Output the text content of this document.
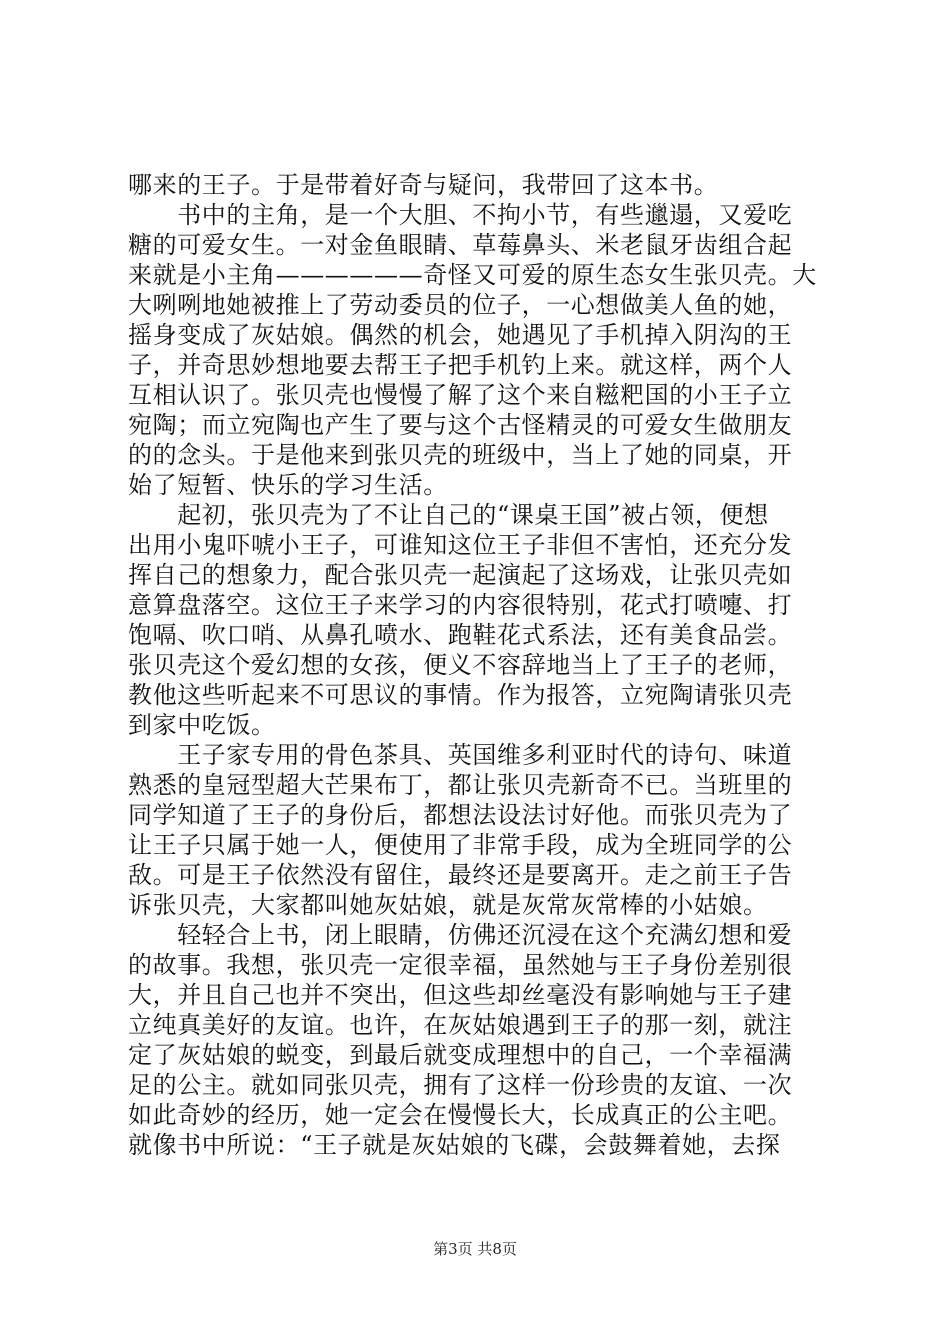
哪来的王子。于是带着好奇与疑问，我带回了这本书。
　　书中的主角，是一个大胆、不拘小节，有些邋遢，又爱吃
糖的可爱女生。一对金鱼眼睛、草莓鼻头、米老鼠牙齿组合起
来就是小主角——————奇怪又可爱的原生态女生张贝壳。大
大咧咧地她被推上了劳动委员的位子，一心想做美人鱼的她，
摇身变成了灰姑娘。偶然的机会，她遇见了手机掉入阴沟的王
子，并奇思妙想地要去帮王子把手机钓上来。就这样，两个人
互相认识了。张贝壳也慢慢了解了这个来自糍粑国的小王子立
宛陶；而立宛陶也产生了要与这个古怪精灵的可爱女生做朋友
的的念头。于是他来到张贝壳的班级中，当上了她的同桌，开
始了短暂、快乐的学习生活。
　　起初，张贝壳为了不让自己的“课桌王国”被占领，便想
出用小鬼吓唬小王子，可谁知这位王子非但不害怕，还充分发
挥自己的想象力，配合张贝壳一起演起了这场戏，让张贝壳如
意算盘落空。这位王子来学习的内容很特别，花式打喷嚏、打
饱嗝、吹口哨、从鼻孔喷水、跑鞋花式系法，还有美食品尝。
张贝壳这个爱幻想的女孩，便义不容辞地当上了王子的老师，
教他这些听起来不可思议的事情。作为报答，立宛陶请张贝壳
到家中吃饭。
　　王子家专用的骨色茶具、英国维多利亚时代的诗句、味道
熟悉的皇冠型超大芒果布丁，都让张贝壳新奇不已。当班里的
同学知道了王子的身份后，都想法设法讨好他。而张贝壳为了
让王子只属于她一人，便使用了非常手段，成为全班同学的公
敌。可是王子依然没有留住，最终还是要离开。走之前王子告
诉张贝壳，大家都叫她灰姑娘，就是灰常灰常棒的小姑娘。
　　轻轻合上书，闭上眼睛，仿佛还沉浸在这个充满幻想和爱
的故事。我想，张贝壳一定很幸福，虽然她与王子身份差别很
大，并且自己也并不突出，但这些却丝毫没有影响她与王子建
立纯真美好的友谊。也许，在灰姑娘遇到王子的那一刻，就注
定了灰姑娘的蜕变，到最后就变成理想中的自己，一个幸福满
足的公主。就如同张贝壳，拥有了这样一份珍贵的友谊、一次
如此奇妙的经历，她一定会在慢慢长大，长成真正的公主吧。
就像书中所说：“王子就是灰姑娘的飞碟，会鼓舞着她，去探
第3页 共8页
